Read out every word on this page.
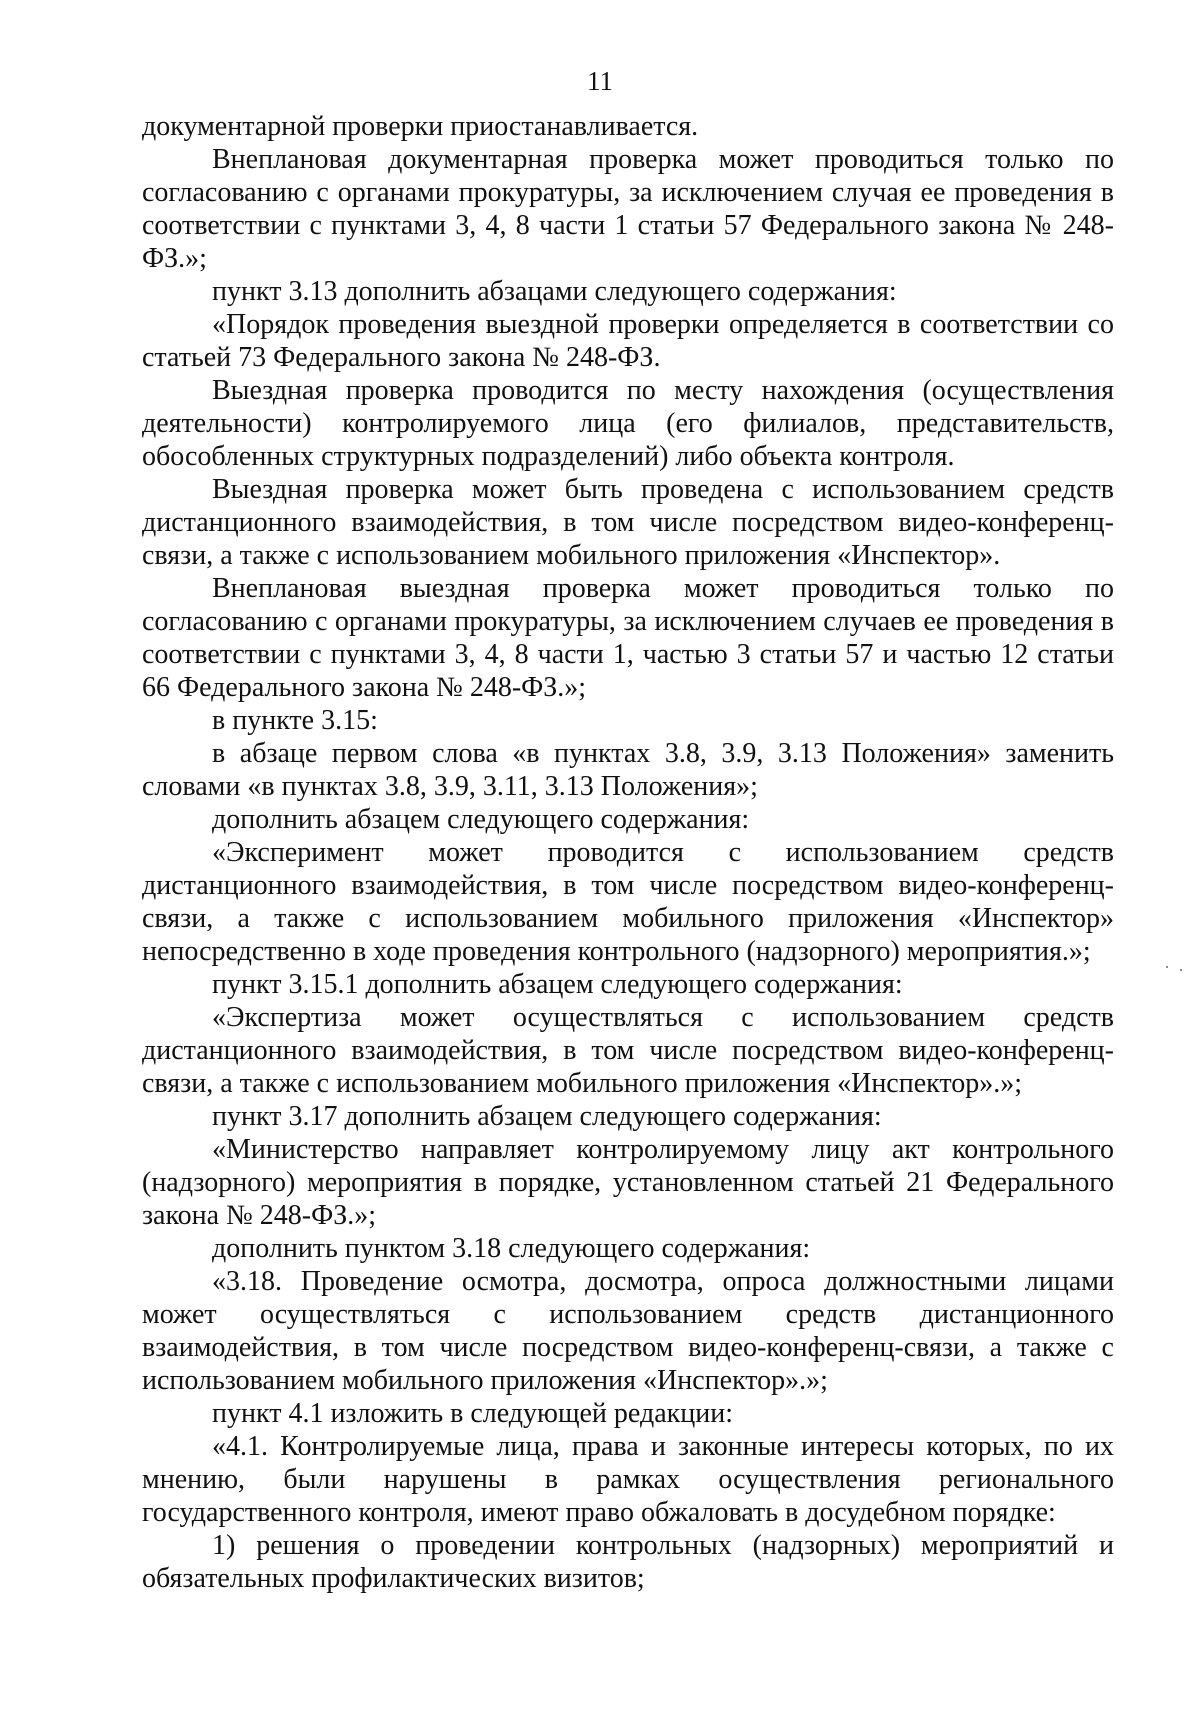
11

документарной проверки приостанавливается.

Внеплановая документарная проверка может проводиться только по согласованию с органами прокуратуры, за исключением случая ее проведения в соответствии с пунктами 3, 4, 8 части 1 статьи 57 Федерального закона № 248-ФЗ.»;

пункт 3.13 дополнить абзацами следующего содержания:

«Порядок проведения выездной проверки определяется в соответствии со статьей 73 Федерального закона № 248-ФЗ.

Выездная проверка проводится по месту нахождения (осуществления деятельности) контролируемого лица (его филиалов, представительств, обособленных структурных подразделений) либо объекта контроля.

Выездная проверка может быть проведена с использованием средств дистанционного взаимодействия, в том числе посредством видео-конференц-связи, а также с использованием мобильного приложения «Инспектор».

Внеплановая выездная проверка может проводиться только по согласованию с органами прокуратуры, за исключением случаев ее проведения в соответствии с пунктами 3, 4, 8 части 1, частью 3 статьи 57 и частью 12 статьи 66 Федерального закона № 248-ФЗ.»;

в пункте 3.15:

в абзаце первом слова «в пунктах 3.8, 3.9, 3.13 Положения» заменить словами «в пунктах 3.8, 3.9, 3.11, 3.13 Положения»;

дополнить абзацем следующего содержания:

«Эксперимент может проводится с использованием средств дистанционного взаимодействия, в том числе посредством видео-конференц-связи, а также с использованием мобильного приложения «Инспектор» непосредственно в ходе проведения контрольного (надзорного) мероприятия.»;

пункт 3.15.1 дополнить абзацем следующего содержания:

«Экспертиза может осуществляться с использованием средств дистанционного взаимодействия, в том числе посредством видео-конференц-связи, а также с использованием мобильного приложения «Инспектор».»;

пункт 3.17 дополнить абзацем следующего содержания:

«Министерство направляет контролируемому лицу акт контрольного (надзорного) мероприятия в порядке, установленном статьей 21 Федерального закона № 248-ФЗ.»;

дополнить пунктом 3.18 следующего содержания:

«3.18. Проведение осмотра, досмотра, опроса должностными лицами может осуществляться с использованием средств дистанционного взаимодействия, в том числе посредством видео-конференц-связи, а также с использованием мобильного приложения «Инспектор».»;

пункт 4.1 изложить в следующей редакции:

«4.1. Контролируемые лица, права и законные интересы которых, по их мнению, были нарушены в рамках осуществления регионального государственного контроля, имеют право обжаловать в досудебном порядке:

1) решения о проведении контрольных (надзорных) мероприятий и обязательных профилактических визитов;
